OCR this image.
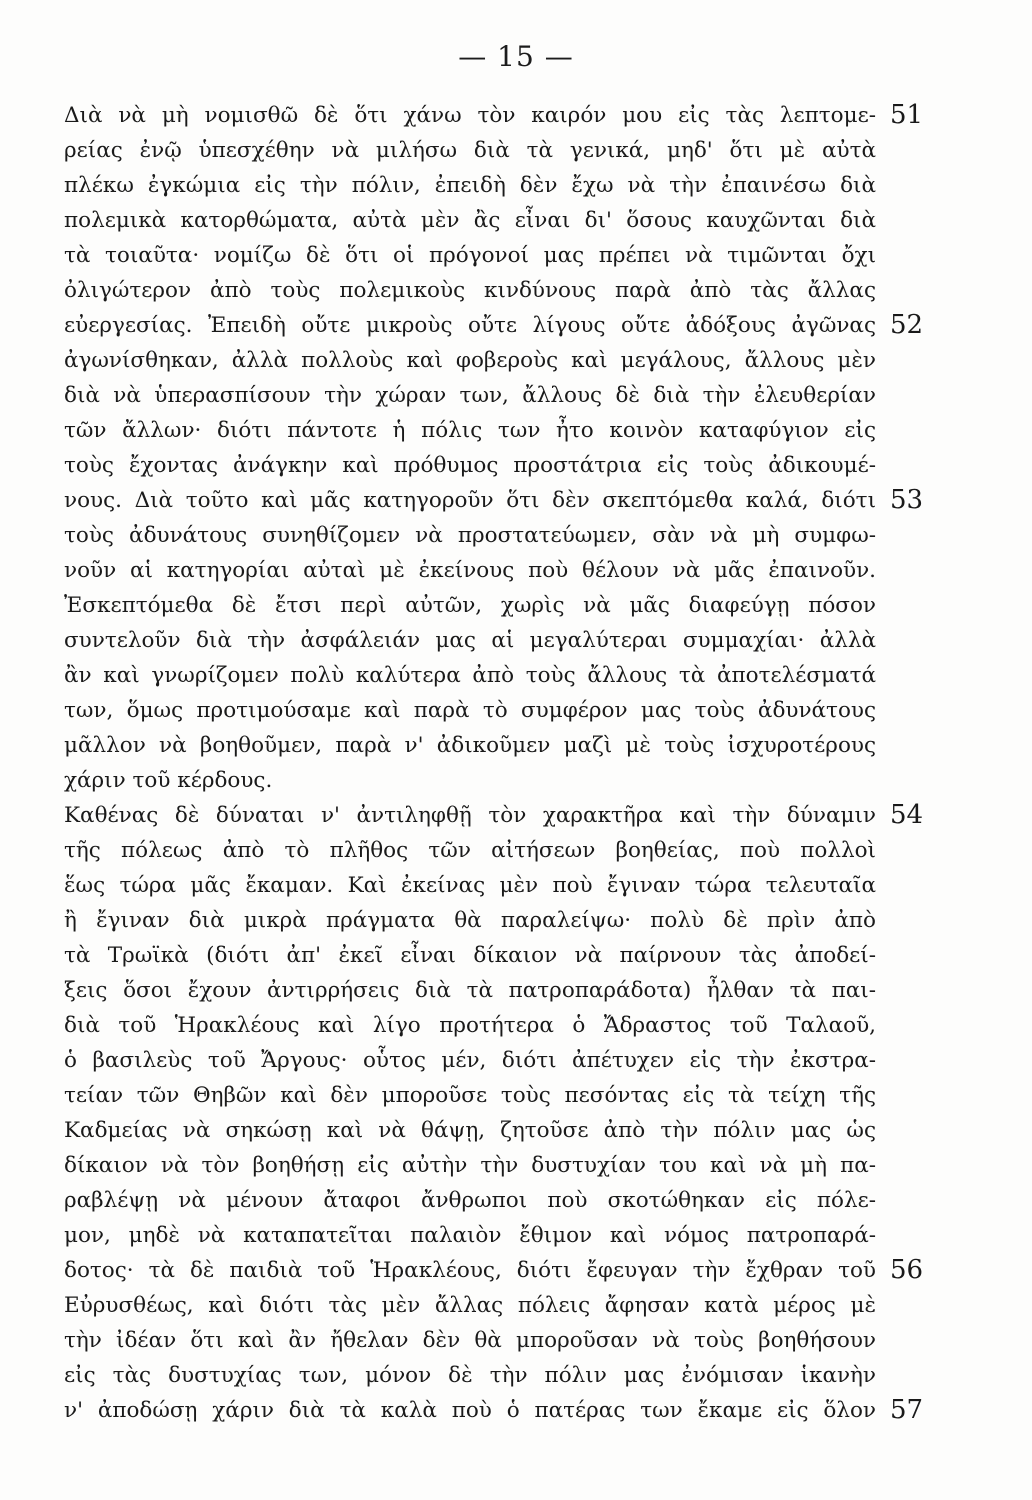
— 15 —
Διὰ νὰ μὴ νομισθῶ δὲ ὅτι χάνω τὸν καιρόν μου εἰς τὰς λεπτομε- 51
ρείας ἐνῷ ὑπεσχέθην νὰ μιλήσω διὰ τὰ γενικά, μηδ' ὅτι μὲ αὐτὰ
πλέκω ἐγκώμια εἰς τὴν πόλιν, ἐπειδὴ δὲν ἔχω νὰ τὴν ἐπαινέσω διὰ
πολεμικὰ κατορθώματα, αὐτὰ μὲν ἂς εἶναι δι' ὅσους καυχῶνται διὰ
τὰ τοιαῦτα· νομίζω δὲ ὅτι οἱ πρόγονοί μας πρέπει νὰ τιμῶνται ὄχι
ὀλιγώτερον ἀπὸ τοὺς πολεμικοὺς κινδύνους παρὰ ἀπὸ τὰς ἄλλας
εὐεργεσίας. Ἐπειδὴ οὔτε μικροὺς οὔτε λίγους οὔτε ἀδόξους ἀγῶνας 52
ἀγωνίσθηκαν, ἀλλὰ πολλοὺς καὶ φοβεροὺς καὶ μεγάλους, ἄλλους μὲν
διὰ νὰ ὑπερασπίσουν τὴν χώραν των, ἄλλους δὲ διὰ τὴν ἐλευθερίαν
τῶν ἄλλων· διότι πάντοτε ἡ πόλις των ἦτο κοινὸν καταφύγιον εἰς
τοὺς ἔχοντας ἀνάγκην καὶ πρόθυμος προστάτρια εἰς τοὺς ἀδικουμέ-
νους. Διὰ τοῦτο καὶ μᾶς κατηγοροῦν ὅτι δὲν σκεπτόμεθα καλά, διότι 53
τοὺς ἀδυνάτους συνηθίζομεν νὰ προστατεύωμεν, σὰν νὰ μὴ συμφω-
νοῦν αἱ κατηγορίαι αὐταὶ μὲ ἐκείνους ποὺ θέλουν νὰ μᾶς ἐπαινοῦν.
Ἐσκεπτόμεθα δὲ ἔτσι περὶ αὐτῶν, χωρὶς νὰ μᾶς διαφεύγῃ πόσον
συντελοῦν διὰ τὴν ἀσφάλειάν μας αἱ μεγαλύτεραι συμμαχίαι· ἀλλὰ
ἂν καὶ γνωρίζομεν πολὺ καλύτερα ἀπὸ τοὺς ἄλλους τὰ ἀποτελέσματά
των, ὅμως προτιμούσαμε καὶ παρὰ τὸ συμφέρον μας τοὺς ἀδυνάτους
μᾶλλον νὰ βοηθοῦμεν, παρὰ ν' ἀδικοῦμεν μαζὶ μὲ τοὺς ἰσχυροτέρους
χάριν τοῦ κέρδους.
Καθένας δὲ δύναται ν' ἀντιληφθῇ τὸν χαρακτῆρα καὶ τὴν δύναμιν 54
τῆς πόλεως ἀπὸ τὸ πλῆθος τῶν αἰτήσεων βοηθείας, ποὺ πολλοὶ
ἕως τώρα μᾶς ἔκαμαν. Καὶ ἐκείνας μὲν ποὺ ἔγιναν τώρα τελευταῖα
ἢ ἔγιναν διὰ μικρὰ πράγματα θὰ παραλείψω· πολὺ δὲ πρὶν ἀπὸ
τὰ Τρωϊκὰ (διότι ἀπ' ἐκεῖ εἶναι δίκαιον νὰ παίρνουν τὰς ἀποδεί-
ξεις ὅσοι ἔχουν ἀντιρρήσεις διὰ τὰ πατροπαράδοτα) ἦλθαν τὰ παι-
διὰ τοῦ Ἡρακλέους καὶ λίγο προτήτερα ὁ Ἄδραστος τοῦ Ταλαοῦ,
ὁ βασιλεὺς τοῦ Ἄργους· οὗτος μέν, διότι ἀπέτυχεν εἰς τὴν ἐκστρα-
τείαν τῶν Θηβῶν καὶ δὲν μποροῦσε τοὺς πεσόντας εἰς τὰ τείχη τῆς
Καδμείας νὰ σηκώσῃ καὶ νὰ θάψῃ, ζητοῦσε ἀπὸ τὴν πόλιν μας ὡς
δίκαιον νὰ τὸν βοηθήσῃ εἰς αὐτὴν τὴν δυστυχίαν του καὶ νὰ μὴ πα-
ραβλέψῃ νὰ μένουν ἄταφοι ἄνθρωποι ποὺ σκοτώθηκαν εἰς πόλε-
μον, μηδὲ νὰ καταπατεῖται παλαιὸν ἔθιμον καὶ νόμος πατροπαρά-
δοτος· τὰ δὲ παιδιὰ τοῦ Ἡρακλέους, διότι ἔφευγαν τὴν ἔχθραν τοῦ 56
Εὐρυσθέως, καὶ διότι τὰς μὲν ἄλλας πόλεις ἄφησαν κατὰ μέρος μὲ
τὴν ἰδέαν ὅτι καὶ ἂν ἤθελαν δὲν θὰ μποροῦσαν νὰ τοὺς βοηθήσουν
εἰς τὰς δυστυχίας των, μόνον δὲ τὴν πόλιν μας ἐνόμισαν ἱκανὴν
ν' ἀποδώσῃ χάριν διὰ τὰ καλὰ ποὺ ὁ πατέρας των ἔκαμε εἰς ὅλον 57
